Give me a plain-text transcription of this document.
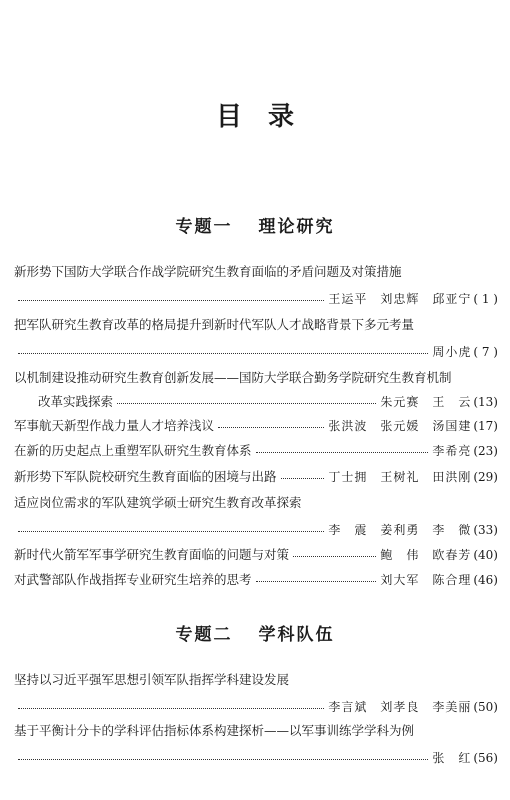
目录
专题一 理论研究
新形势下国防大学联合作战学院研究生教育面临的矛盾问题及对策措施
王运平　刘忠辉　邱亚宁 ( 1 )
把军队研究生教育改革的格局提升到新时代军队人才战略背景下多元考量
周小虎 ( 7 )
以机制建设推动研究生教育创新发展——国防大学联合勤务学院研究生教育机制
改革实践探索	朱元赛　王　云 (13)
军事航天新型作战力量人才培养浅议	张洪波　张元媛　汤国建 (17)
在新的历史起点上重塑军队研究生教育体系	李希亮 (23)
新形势下军队院校研究生教育面临的困境与出路	丁士拥　王树礼　田洪刚 (29)
适应岗位需求的军队建筑学硕士研究生教育改革探索
李　震　姜利勇　李　微 (33)
新时代火箭军军事学研究生教育面临的问题与对策	鲍　伟　欧春芳 (40)
对武警部队作战指挥专业研究生培养的思考	刘大军　陈合理 (46)
专题二 学科队伍
坚持以习近平强军思想引领军队指挥学科建设发展
李言斌　刘孝良　李美丽 (50)
基于平衡计分卡的学科评估指标体系构建探析——以军事训练学学科为例
张　红 (56)
